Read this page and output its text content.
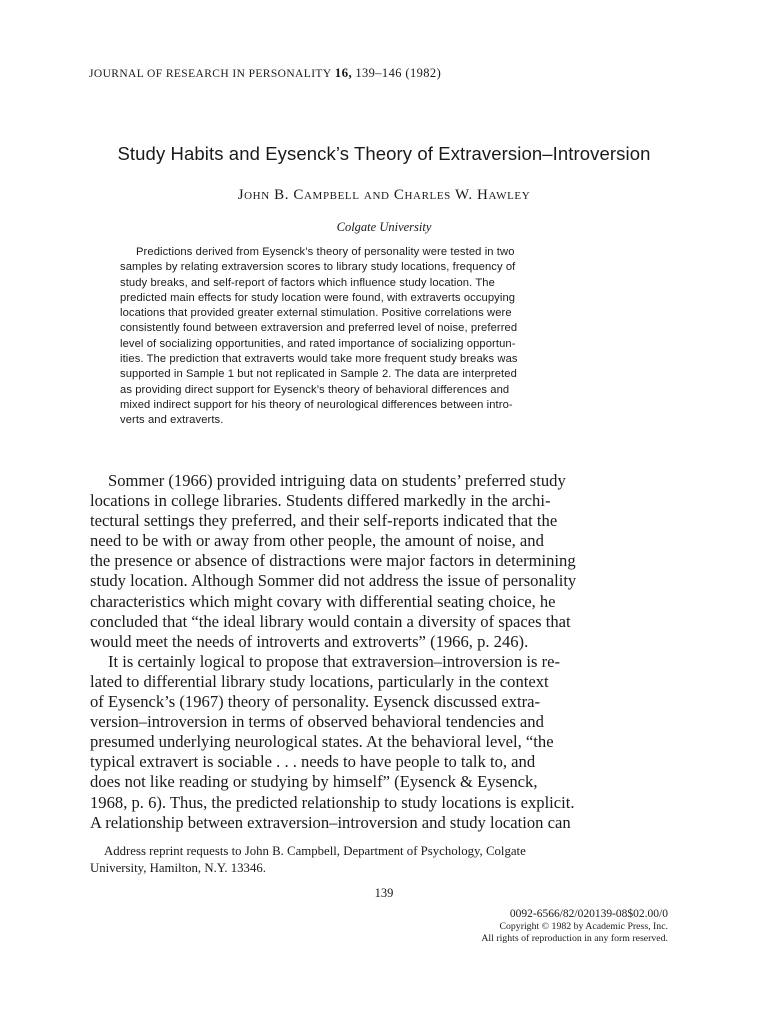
JOURNAL OF RESEARCH IN PERSONALITY 16, 139–146 (1982)
Study Habits and Eysenck’s Theory of Extraversion–Introversion
John B. Campbell and Charles W. Hawley
Colgate University
Predictions derived from Eysenck’s theory of personality were tested in two
samples by relating extraversion scores to library study locations, frequency of
study breaks, and self-report of factors which influence study location. The
predicted main effects for study location were found, with extraverts occupying
locations that provided greater external stimulation. Positive correlations were
consistently found between extraversion and preferred level of noise, preferred
level of socializing opportunities, and rated importance of socializing opportun-
ities. The prediction that extraverts would take more frequent study breaks was
supported in Sample 1 but not replicated in Sample 2. The data are interpreted
as providing direct support for Eysenck’s theory of behavioral differences and
mixed indirect support for his theory of neurological differences between intro-
verts and extraverts.
Sommer (1966) provided intriguing data on students’ preferred study
locations in college libraries. Students differed markedly in the archi-
tectural settings they preferred, and their self-reports indicated that the
need to be with or away from other people, the amount of noise, and
the presence or absence of distractions were major factors in determining
study location. Although Sommer did not address the issue of personality
characteristics which might covary with differential seating choice, he
concluded that “the ideal library would contain a diversity of spaces that
would meet the needs of introverts and extroverts” (1966, p. 246).
It is certainly logical to propose that extraversion–introversion is re-
lated to differential library study locations, particularly in the context
of Eysenck’s (1967) theory of personality. Eysenck discussed extra-
version–introversion in terms of observed behavioral tendencies and
presumed underlying neurological states. At the behavioral level, “the
typical extravert is sociable . . . needs to have people to talk to, and
does not like reading or studying by himself” (Eysenck & Eysenck,
1968, p. 6). Thus, the predicted relationship to study locations is explicit.
A relationship between extraversion–introversion and study location can
Address reprint requests to John B. Campbell, Department of Psychology, Colgate
University, Hamilton, N.Y. 13346.
139
0092-6566/82/020139-08$02.00/0
Copyright © 1982 by Academic Press, Inc.
All rights of reproduction in any form reserved.
